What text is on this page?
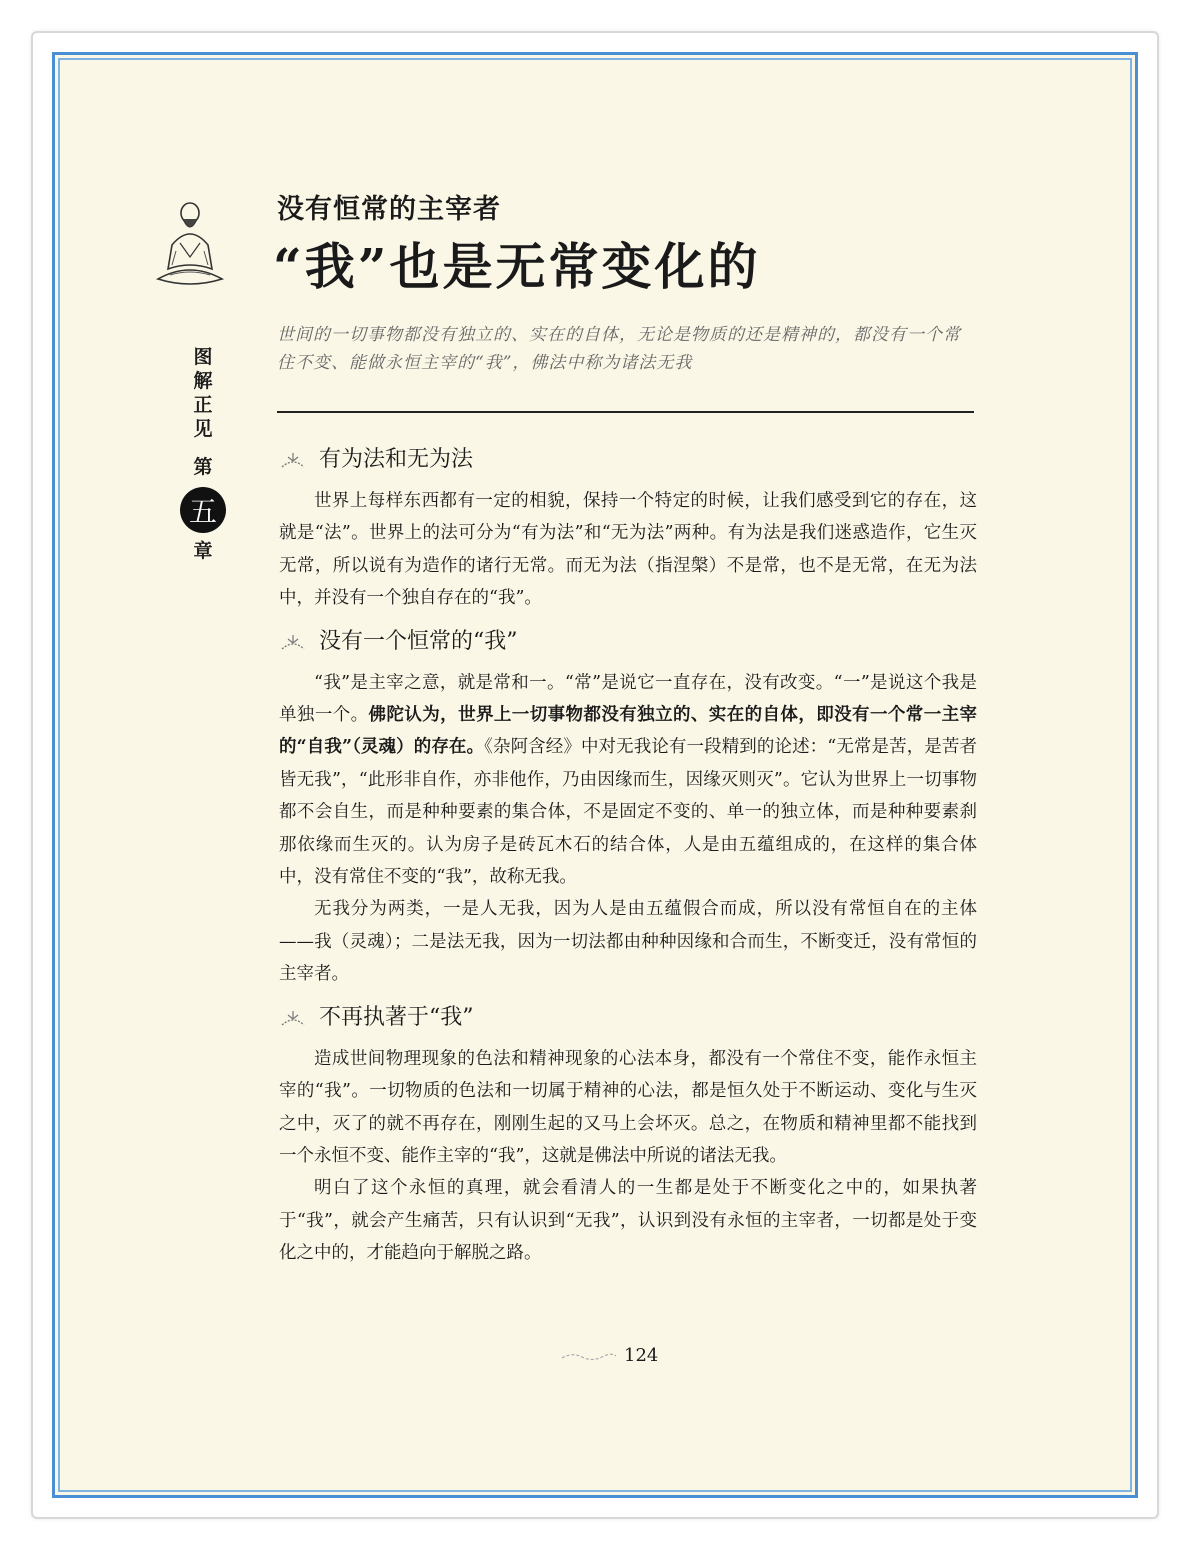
图
解
正
见
第
五
章
没有恒常的主宰者
“我”也是无常变化的
世间的一切事物都没有独立的、实在的自体，无论是物质的还是精神的，都没有一个常住不变、能做永恒主宰的“我”，佛法中称为诸法无我
有为法和无为法

世界上每样东西都有一定的相貌，保持一个特定的时候，让我们感受到它的存在，这就是“法”。世界上的法可分为“有为法”和“无为法”两种。有为法是我们迷惑造作，它生灭无常，所以说有为造作的诸行无常。而无为法（指涅槃）不是常，也不是无常，在无为法中，并没有一个独自存在的“我”。

没有一个恒常的“我”

“我”是主宰之意，就是常和一。“常”是说它一直存在，没有改变。“一”是说这个我是单独一个。佛陀认为，世界上一切事物都没有独立的、实在的自体，即没有一个常一主宰的“自我”（灵魂）的存在。《杂阿含经》中对无我论有一段精到的论述：“无常是苦，是苦者皆无我”，“此形非自作，亦非他作，乃由因缘而生，因缘灭则灭”。它认为世界上一切事物都不会自生，而是种种要素的集合体，不是固定不变的、单一的独立体，而是种种要素刹那依缘而生灭的。认为房子是砖瓦木石的结合体，人是由五蕴组成的，在这样的集合体中，没有常住不变的“我”，故称无我。

无我分为两类，一是人无我，因为人是由五蕴假合而成，所以没有常恒自在的主体——我（灵魂）；二是法无我，因为一切法都由种种因缘和合而生，不断变迁，没有常恒的主宰者。

不再执著于“我”

造成世间物理现象的色法和精神现象的心法本身，都没有一个常住不变，能作永恒主宰的“我”。一切物质的色法和一切属于精神的心法，都是恒久处于不断运动、变化与生灭之中，灭了的就不再存在，刚刚生起的又马上会坏灭。总之，在物质和精神里都不能找到一个永恒不变、能作主宰的“我”，这就是佛法中所说的诸法无我。

明白了这个永恒的真理，就会看清人的一生都是处于不断变化之中的，如果执著于“我”，就会产生痛苦，只有认识到“无我”，认识到没有永恒的主宰者，一切都是处于变化之中的，才能趋向于解脱之路。

124
